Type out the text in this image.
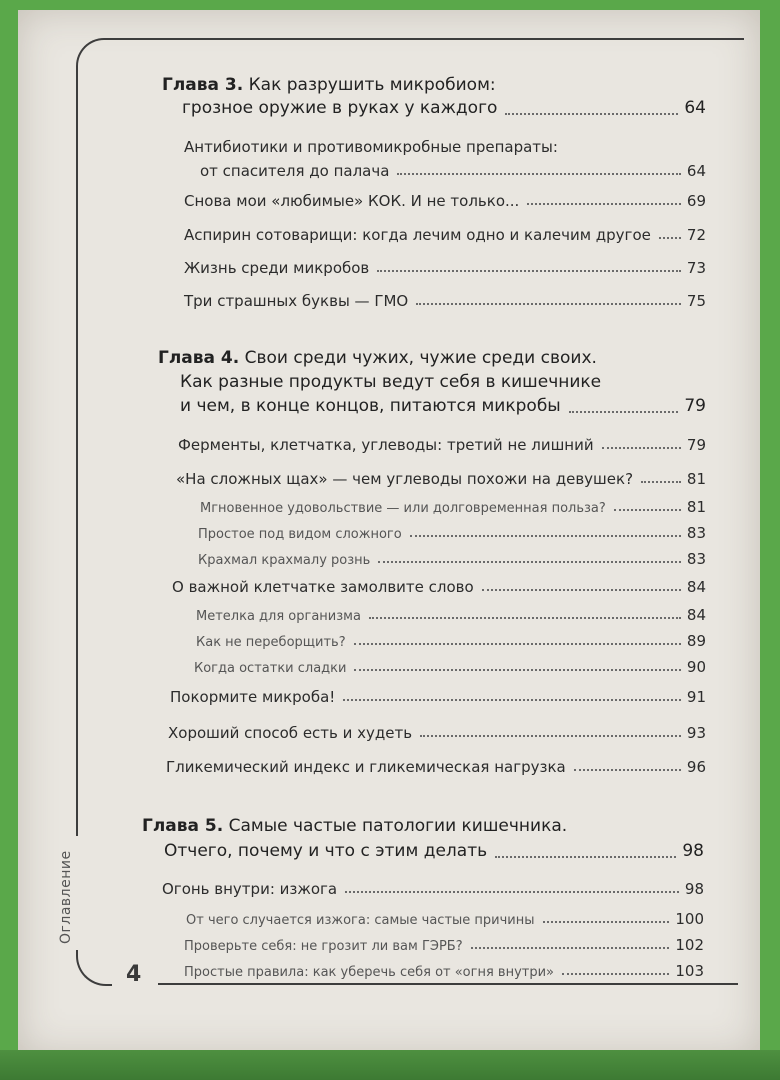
Оглавление
4
Глава 3. Как разрушить микробиом:
грозное оружие в руках у каждого	64
Антибиотики и противомикробные препараты:
от спасителя до палача	64
Снова мои «любимые» КОК. И не только...	69
Аспирин сотоварищи: когда лечим одно и калечим другое 72
Жизнь среди микробов	73
Три страшных буквы — ГМО	75
Глава 4. Свои среди чужих, чужие среди своих.
Как разные продукты ведут себя в кишечнике
и чем, в конце концов, питаются микробы	79
Ферменты, клетчатка, углеводы: третий не лишний	79
«На сложных щах» — чем углеводы похожи на девушек?	81
Мгновенное удовольствие — или долговременная польза?	81
Простое под видом сложного	83
Крахмал крахмалу рознь	83
О важной клетчатке замолвите слово	84
Метелка для организма	84
Как не переборщить?	89
Когда остатки сладки	90
Покормите микроба!	91
Хороший способ есть и худеть	93
Гликемический индекс и гликемическая нагрузка	96
Глава 5. Самые частые патологии кишечника.
Отчего, почему и что с этим делать	98
Огонь внутри: изжога	98
От чего случается изжога: самые частые причины	100
Проверьте себя: не грозит ли вам ГЭРБ?	102
Простые правила: как уберечь себя от «огня внутри»	103
